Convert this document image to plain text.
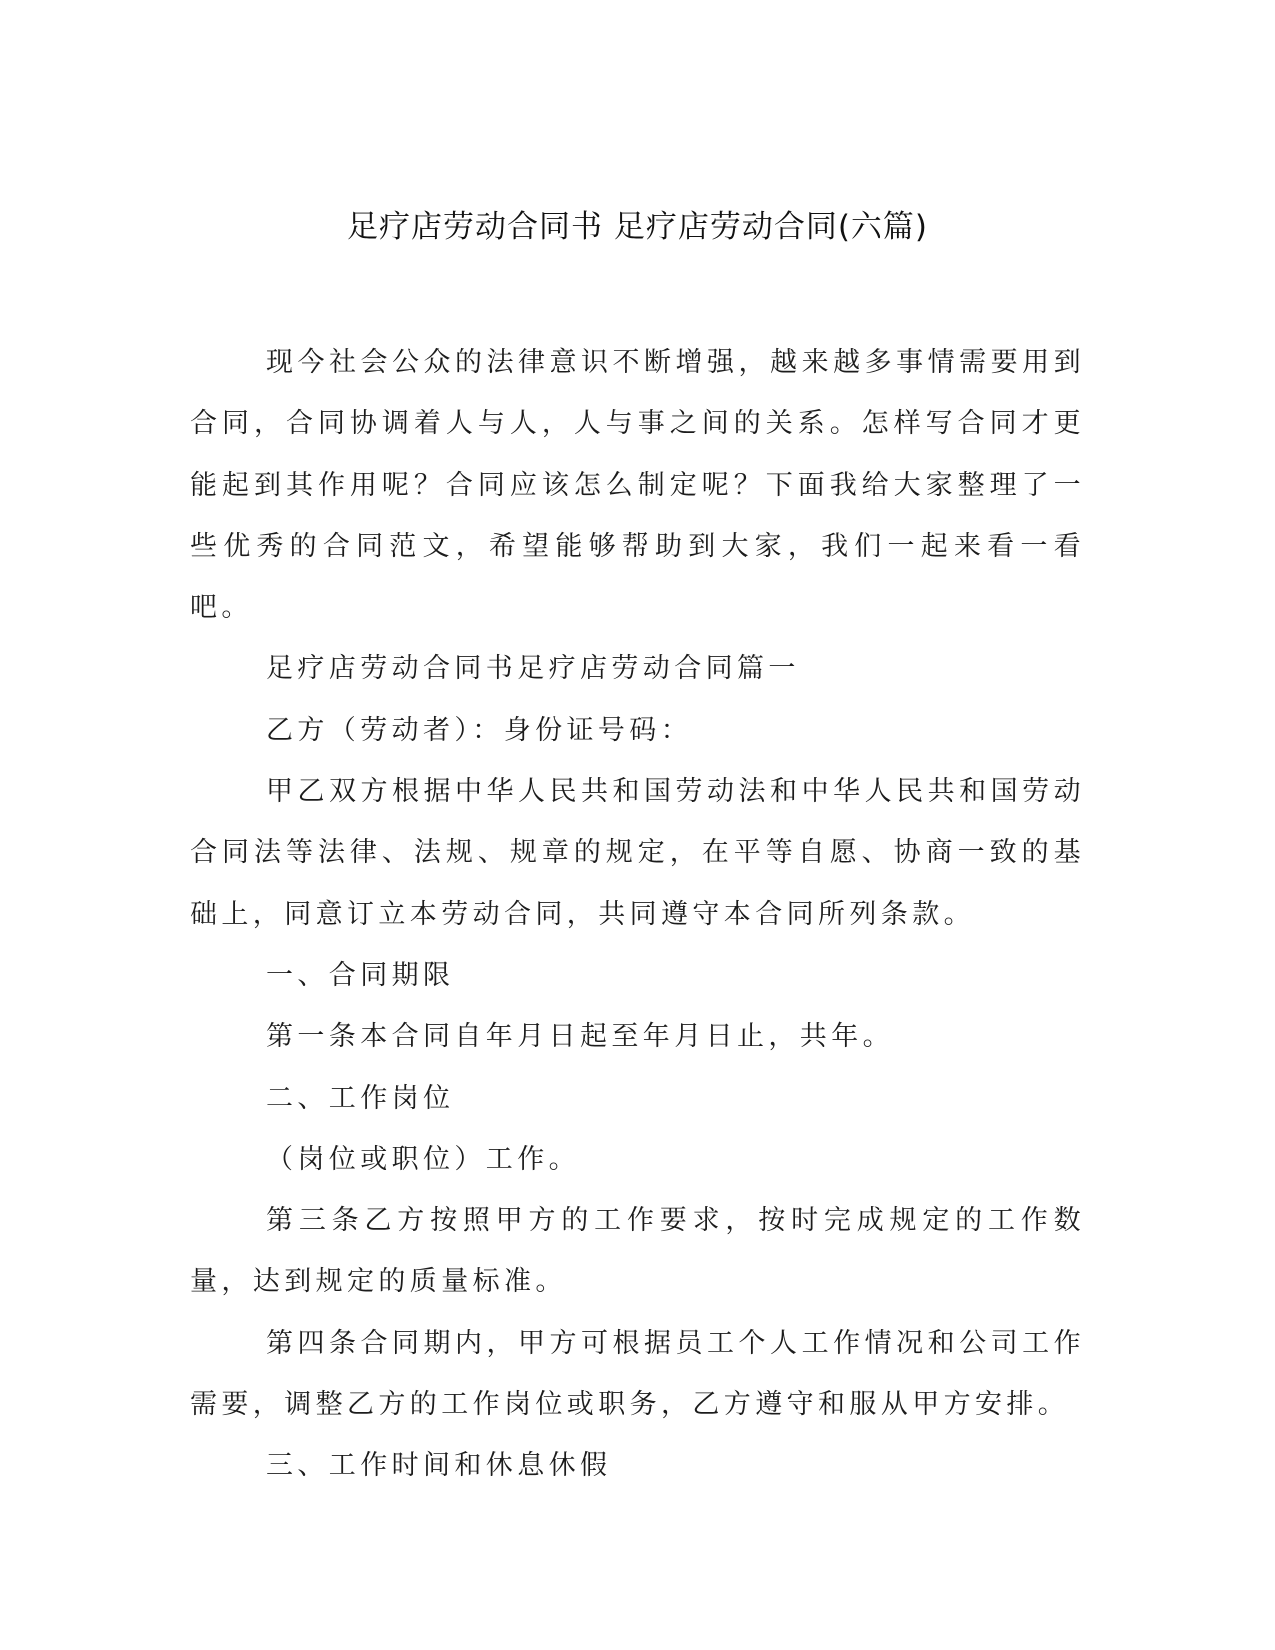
足疗店劳动合同书 足疗店劳动合同(六篇)

现今社会公众的法律意识不断增强，越来越多事情需要用到合同，合同协调着人与人，人与事之间的关系。怎样写合同才更能起到其作用呢？合同应该怎么制定呢？下面我给大家整理了一些优秀的合同范文，希望能够帮助到大家，我们一起来看一看吧。

足疗店劳动合同书足疗店劳动合同篇一

乙方（劳动者）：身份证号码：

甲乙双方根据中华人民共和国劳动法和中华人民共和国劳动合同法等法律、法规、规章的规定，在平等自愿、协商一致的基础上，同意订立本劳动合同，共同遵守本合同所列条款。

一、合同期限

第一条本合同自年月日起至年月日止，共年。

二、工作岗位

（岗位或职位）工作。

第三条乙方按照甲方的工作要求，按时完成规定的工作数量，达到规定的质量标准。

第四条合同期内，甲方可根据员工个人工作情况和公司工作需要，调整乙方的工作岗位或职务，乙方遵守和服从甲方安排。

三、工作时间和休息休假
